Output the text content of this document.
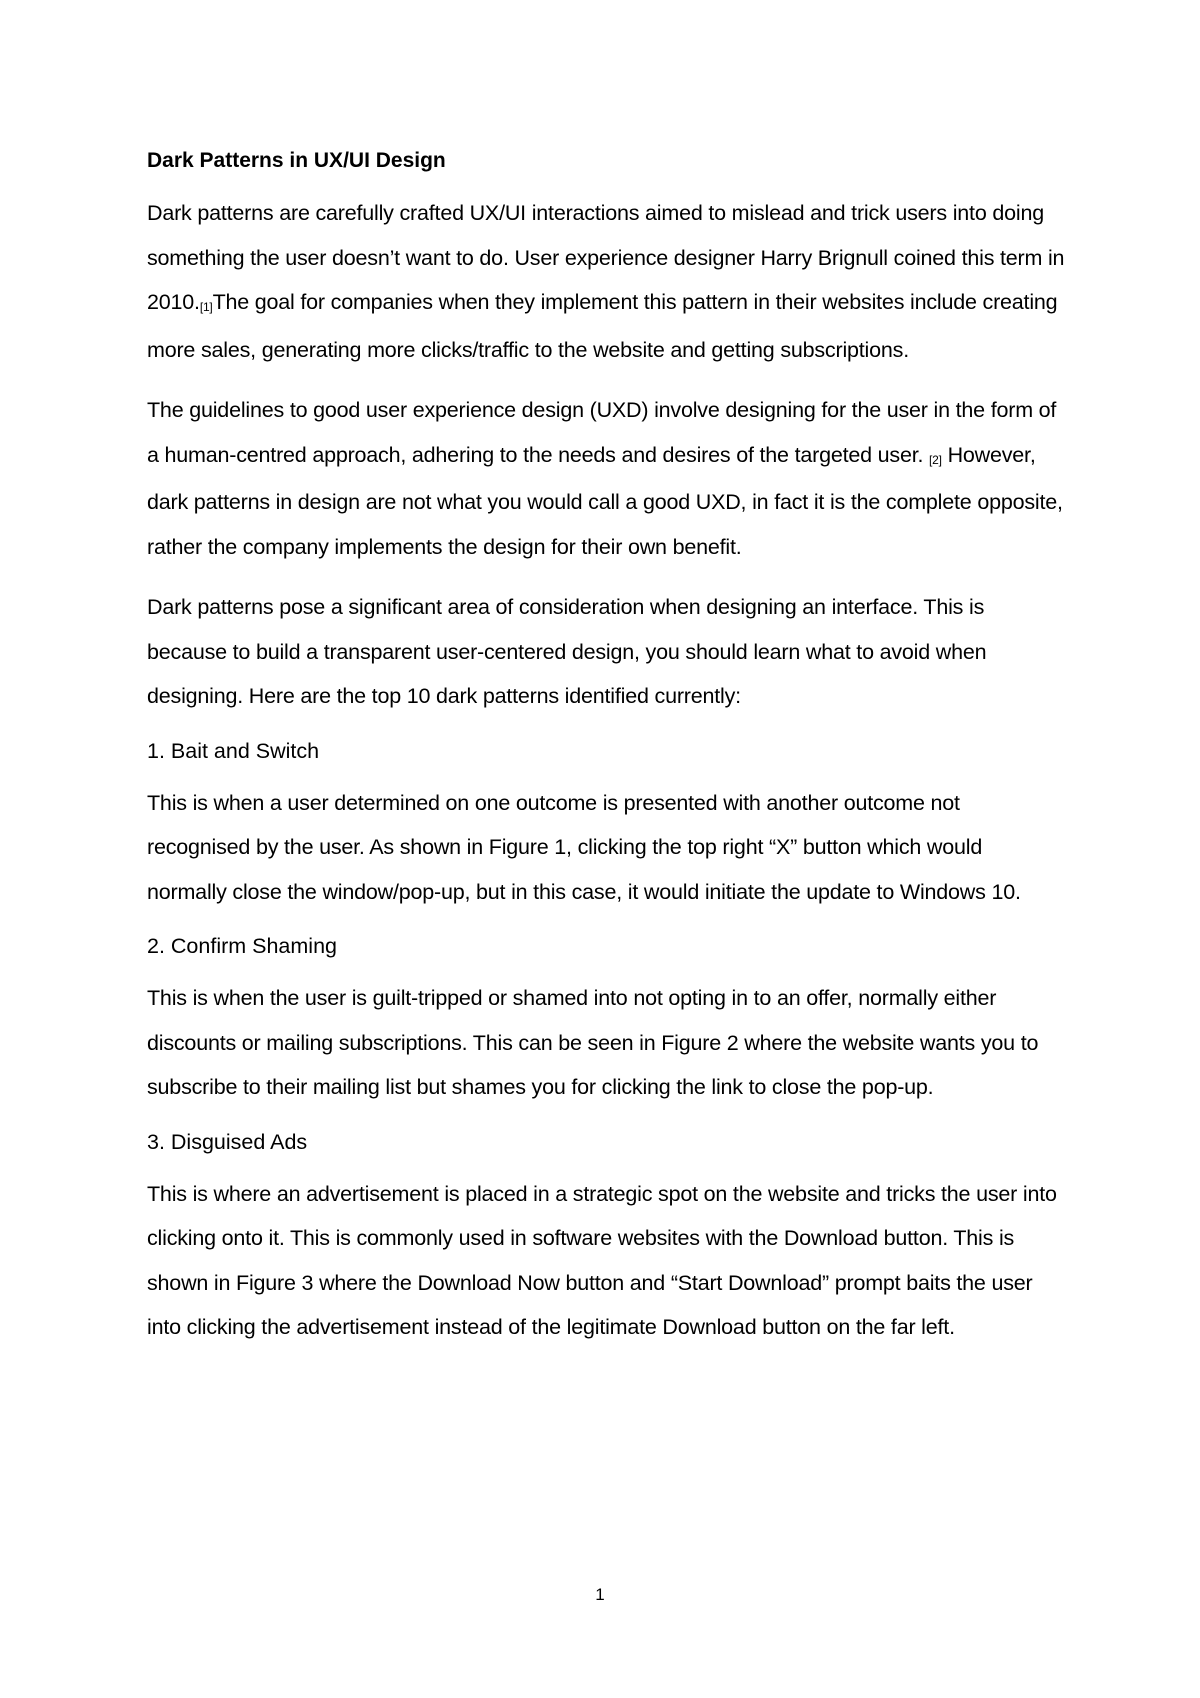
Dark Patterns in UX/UI Design

Dark patterns are carefully crafted UX/UI interactions aimed to mislead and trick users into doing something the user doesn’t want to do. User experience designer Harry Brignull coined this term in 2010.[1]The goal for companies when they implement this pattern in their websites include creating more sales, generating more clicks/traffic to the website and getting subscriptions.

The guidelines to good user experience design (UXD) involve designing for the user in the form of a human-centred approach, adhering to the needs and desires of the targeted user. [2] However, dark patterns in design are not what you would call a good UXD, in fact it is the complete opposite, rather the company implements the design for their own benefit.

Dark patterns pose a significant area of consideration when designing an interface. This is because to build a transparent user-centered design, you should learn what to avoid when designing. Here are the top 10 dark patterns identified currently:

1. Bait and Switch

This is when a user determined on one outcome is presented with another outcome not recognised by the user. As shown in Figure 1, clicking the top right “X” button which would normally close the window/pop-up, but in this case, it would initiate the update to Windows 10.

2. Confirm Shaming

This is when the user is guilt-tripped or shamed into not opting in to an offer, normally either discounts or mailing subscriptions. This can be seen in Figure 2 where the website wants you to subscribe to their mailing list but shames you for clicking the link to close the pop-up.

3. Disguised Ads

This is where an advertisement is placed in a strategic spot on the website and tricks the user into clicking onto it. This is commonly used in software websites with the Download button. This is shown in Figure 3 where the Download Now button and “Start Download” prompt baits the user into clicking the advertisement instead of the legitimate Download button on the far left.

1
